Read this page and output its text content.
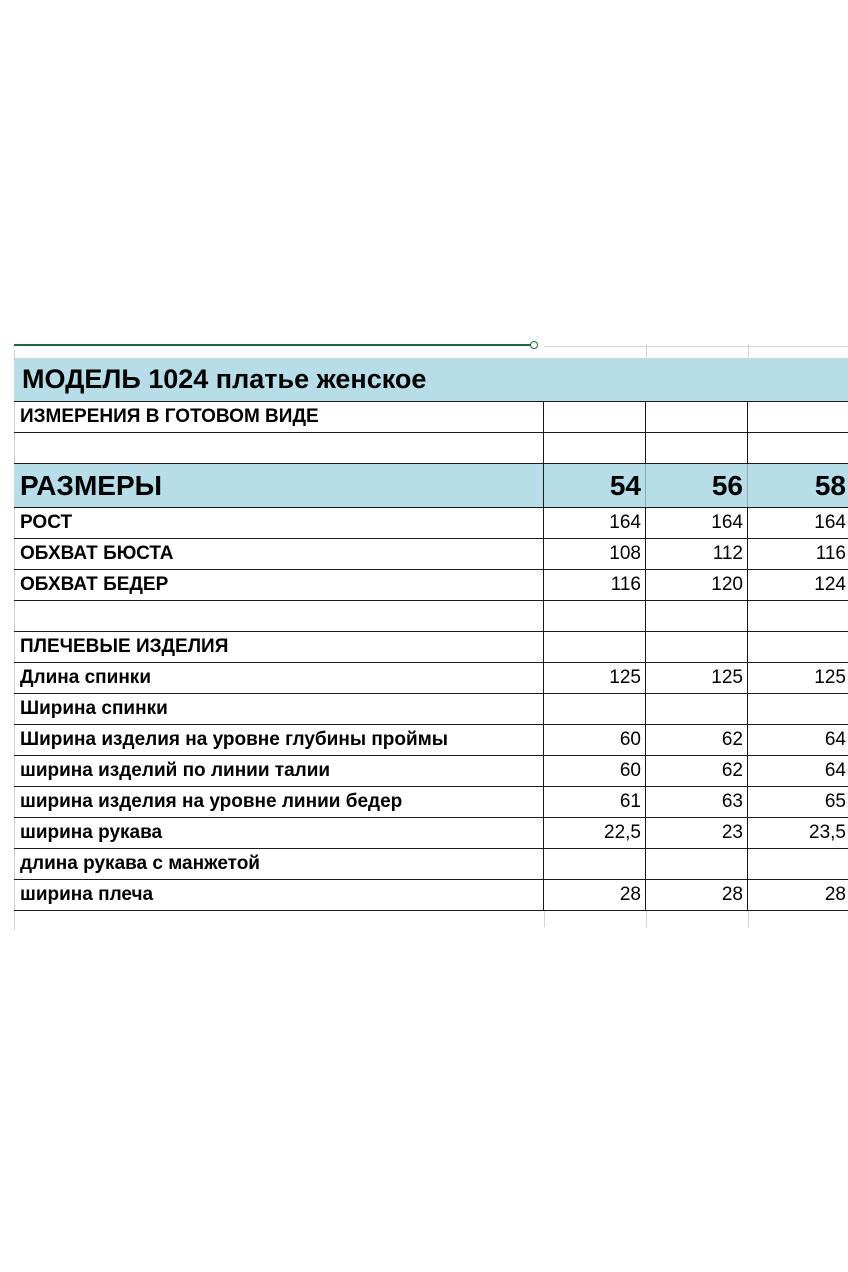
МОДЕЛЬ 1024 платье женское
ИЗМЕРЕНИЯ В ГОТОВОМ ВИДЕ
РАЗМЕРЫ	54	56	58
РОСТ	164	164	164
ОБХВАТ БЮСТА	108	112	116
ОБХВАТ БЕДЕР	116	120	124
ПЛЕЧЕВЫЕ ИЗДЕЛИЯ
Длина спинки	125	125	125
Ширина спинки
Ширина изделия на уровне глубины проймы	60	62	64
ширина изделий по линии талии	60	62	64
ширина изделия на уровне линии бедер	61	63	65
ширина рукава	22,5	23	23,5
длина рукава с манжетой
ширина плеча	28	28	28
